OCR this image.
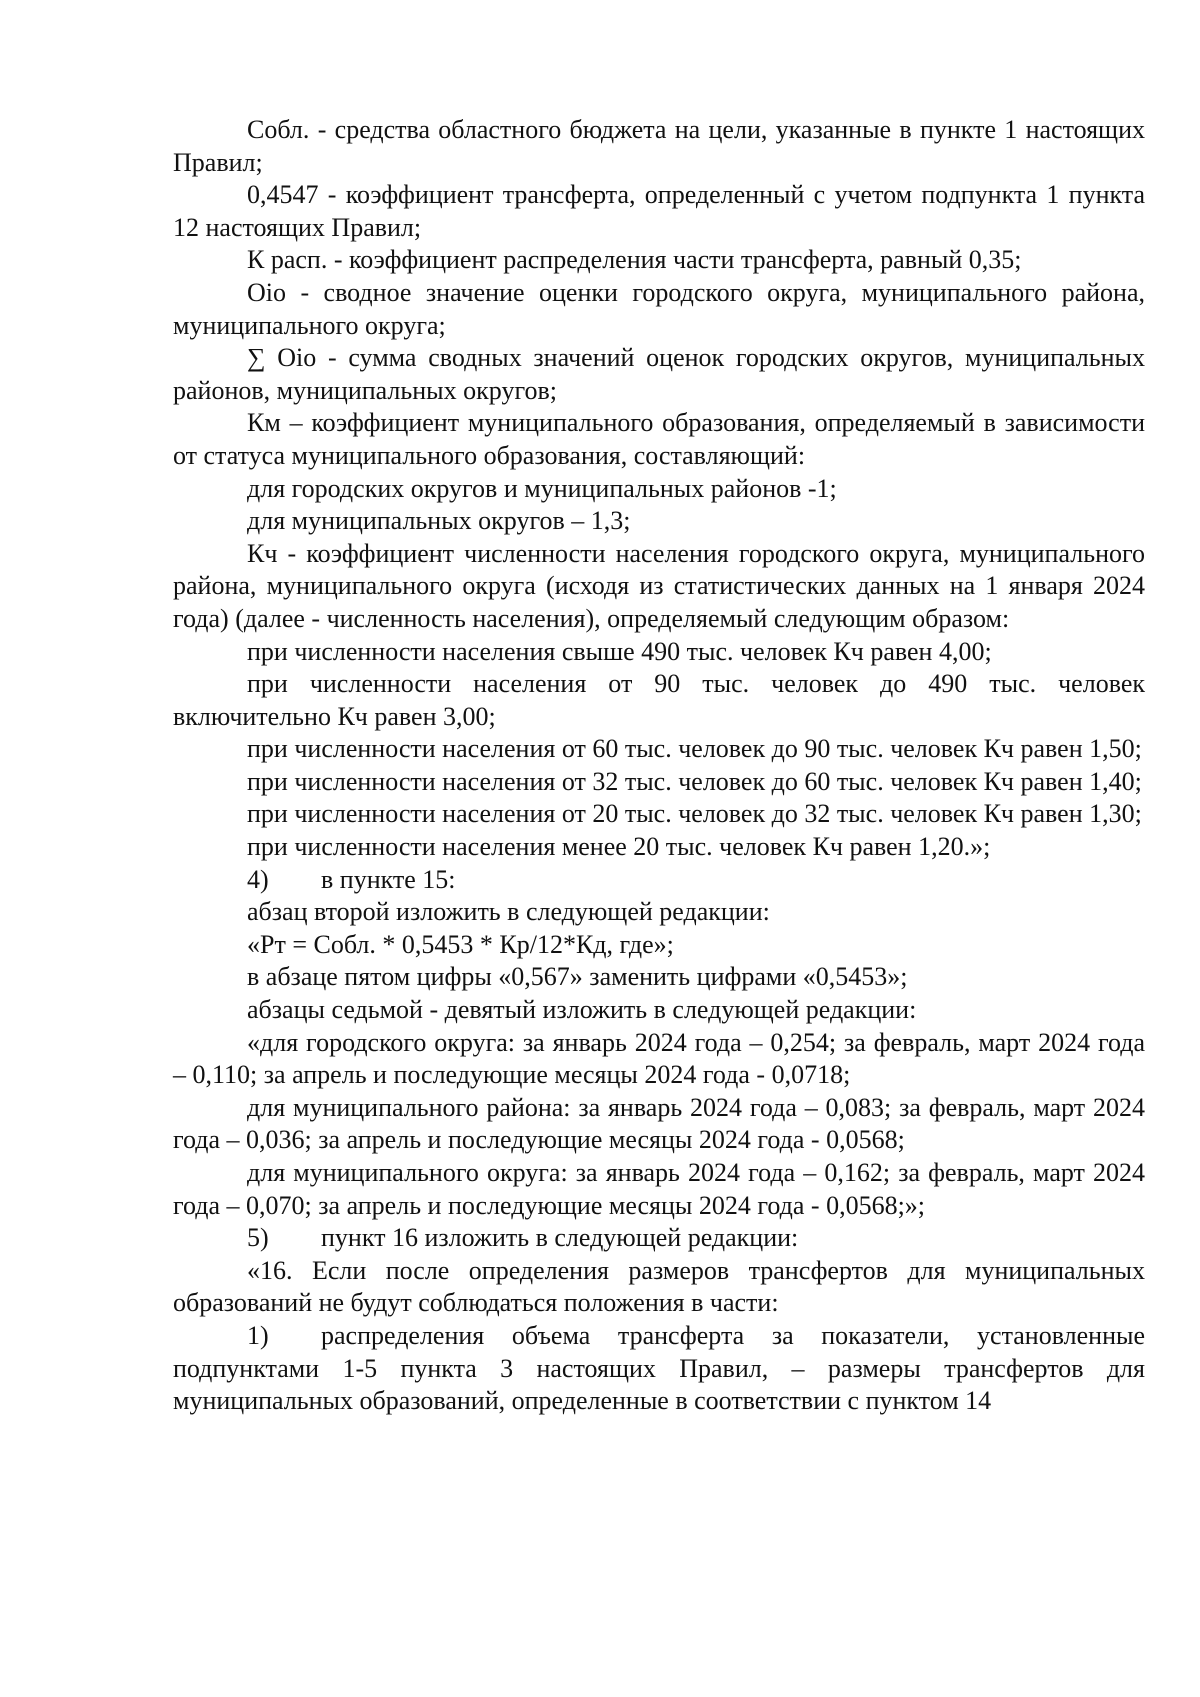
Собл. - средства областного бюджета на цели, указанные в пункте 1 настоящих Правил;

0,4547 - коэффициент трансферта, определенный с учетом подпункта 1 пункта 12 настоящих Правил;

К расп. - коэффициент распределения части трансферта, равный 0,35;

Oio - сводное значение оценки городского округа, муниципального района, муниципального округа;

∑ Oio - сумма сводных значений оценок городских округов, муниципальных районов, муниципальных округов;

Км – коэффициент муниципального образования, определяемый в зависимости от статуса муниципального образования, составляющий:

для городских округов и муниципальных районов -1;

для муниципальных округов – 1,3;

Кч - коэффициент численности населения городского округа, муниципального района, муниципального округа (исходя из статистических данных на 1 января 2024 года) (далее - численность населения), определяемый следующим образом:

при численности населения свыше 490 тыс. человек Кч равен 4,00;

при численности населения от 90 тыс. человек до 490 тыс. человек включительно Кч равен 3,00;

при численности населения от 60 тыс. человек до 90 тыс. человек Кч равен 1,50;

при численности населения от 32 тыс. человек до 60 тыс. человек Кч равен 1,40;

при численности населения от 20 тыс. человек до 32 тыс. человек Кч равен 1,30;

при численности населения менее 20 тыс. человек Кч равен 1,20.»;

4) в пункте 15:

абзац второй изложить в следующей редакции:

«Рт = Собл. * 0,5453 * Кр/12*Кд, где»;

в абзаце пятом цифры «0,567» заменить цифрами «0,5453»;

абзацы седьмой - девятый изложить в следующей редакции:

«для городского округа: за январь 2024 года – 0,254; за февраль, март 2024 года – 0,110; за апрель и последующие месяцы 2024 года - 0,0718;

для муниципального района: за январь 2024 года – 0,083; за февраль, март 2024 года – 0,036; за апрель и последующие месяцы 2024 года - 0,0568;

для муниципального округа: за январь 2024 года – 0,162; за февраль, март 2024 года – 0,070; за апрель и последующие месяцы 2024 года - 0,0568;»;

5) пункт 16 изложить в следующей редакции:

«16. Если после определения размеров трансфертов для муниципальных образований не будут соблюдаться положения в части:

1) распределения объема трансферта за показатели, установленные подпунктами 1-5 пункта 3 настоящих Правил, – размеры трансфертов для муниципальных образований, определенные в соответствии с пунктом 14
